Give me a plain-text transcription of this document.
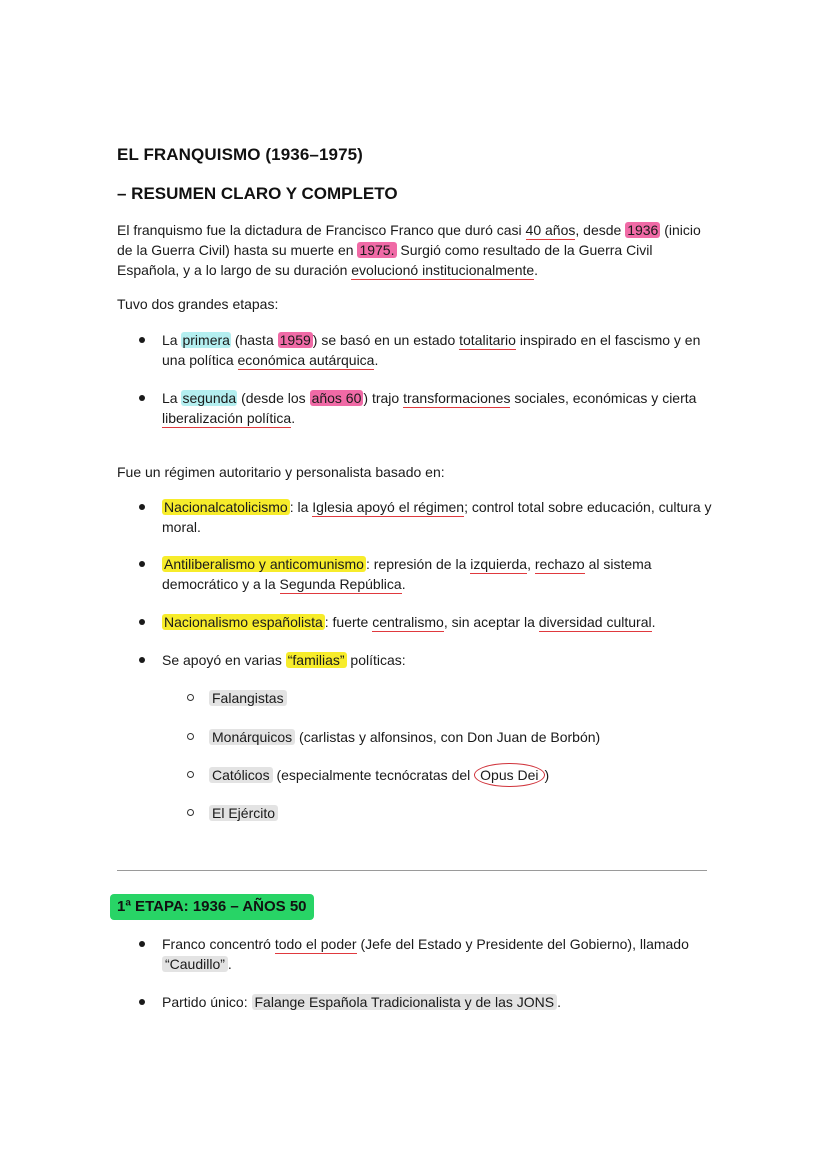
EL FRANQUISMO (1936–1975)
– RESUMEN CLARO Y COMPLETO

El franquismo fue la dictadura de Francisco Franco que duró casi 40 años, desde 1936 (inicio de la Guerra Civil) hasta su muerte en 1975. Surgió como resultado de la Guerra Civil Española, y a lo largo de su duración evolucionó institucionalmente.

Tuvo dos grandes etapas:

La primera (hasta 1959 ) se basó en un estado totalitario inspirado en el fascismo y en una política económica autárquica.
La segunda (desde los años 60 ) trajo transformaciones sociales, económicas y cierta liberalización política.

Fue un régimen autoritario y personalista basado en:

Nacionalcatolicismo : la Iglesia apoyó el régimen; control total sobre educación, cultura y moral.
Antiliberalismo y anticomunismo : represión de la izquierda, rechazo al sistema democrático y a la Segunda República.
Nacionalismo españolista : fuerte centralismo, sin aceptar la diversidad cultural.
Se apoyó en varias “familias” políticas:
Falangistas
Monárquicos (carlistas y alfonsinos, con Don Juan de Borbón)
Católicos (especialmente tecnócratas del Opus Dei )
El Ejército
1ª ETAPA: 1936 – AÑOS 50
Franco concentró todo el poder (Jefe del Estado y Presidente del Gobierno), llamado “Caudillo” .
Partido único: Falange Española Tradicionalista y de las JONS .
